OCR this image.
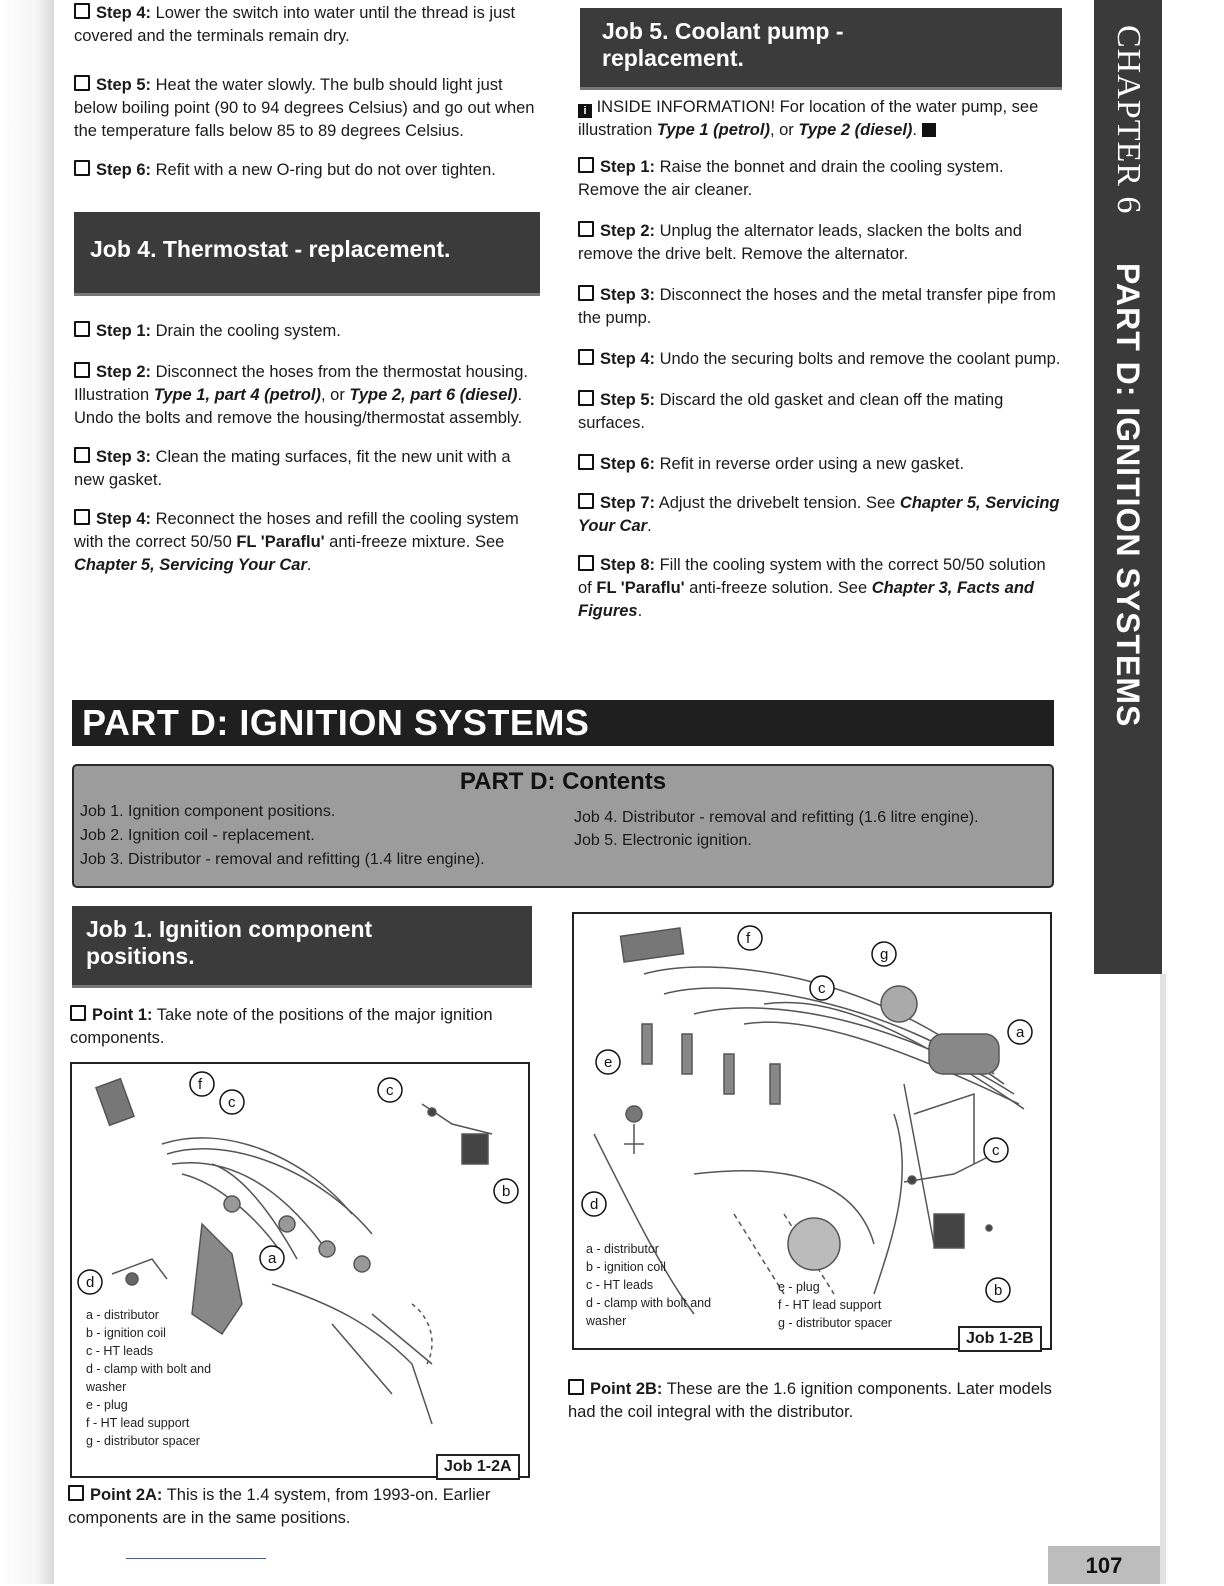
Step 4: Lower the switch into water until the thread is just covered and the terminals remain dry.

Step 5: Heat the water slowly. The bulb should light just below boiling point (90 to 94 degrees Celsius) and go out when the temperature falls below 85 to 89 degrees Celsius.

Step 6: Refit with a new O-ring but do not over tighten.

Job 4. Thermostat - replacement.

Step 1: Drain the cooling system.

Step 2: Disconnect the hoses from the thermostat housing. Illustration Type 1, part 4 (petrol), or Type 2, part 6 (diesel). Undo the bolts and remove the housing/thermostat assembly.

Step 3: Clean the mating surfaces, fit the new unit with a new gasket.

Step 4: Reconnect the hoses and refill the cooling system with the correct 50/50 FL 'Paraflu' anti-freeze mixture. See Chapter 5, Servicing Your Car.

Job 5. Coolant pump -
replacement.

i INSIDE INFORMATION! For location of the water pump, see illustration Type 1 (petrol), or Type 2 (diesel).

Step 1: Raise the bonnet and drain the cooling system. Remove the air cleaner.

Step 2: Unplug the alternator leads, slacken the bolts and remove the drive belt. Remove the alternator.

Step 3: Disconnect the hoses and the metal transfer pipe from the pump.

Step 4: Undo the securing bolts and remove the coolant pump.

Step 5: Discard the old gasket and clean off the mating surfaces.

Step 6: Refit in reverse order using a new gasket.

Step 7: Adjust the drivebelt tension. See Chapter 5, Servicing Your Car.

Step 8: Fill the cooling system with the correct 50/50 solution of FL 'Paraflu' anti-freeze solution. See Chapter 3, Facts and Figures.

PART D: IGNITION SYSTEMS
PART D: Contents
Job 1. Ignition component positions.
Job 2. Ignition coil - replacement.
Job 3. Distributor - removal and refitting (1.4 litre engine).
Job 4. Distributor - removal and refitting (1.6 litre engine).
Job 5. Electronic ignition.
Job 1. Ignition component
positions.

Point 1: Take note of the positions of the major ignition components.

f
c
c
b
a
d
a - distributor
b - ignition coil
c - HT leads
d - clamp with bolt and
washer
e - plug
f - HT lead support
g - distributor spacer
Job 1-2A

Point 2A: This is the 1.4 system, from 1993-on. Earlier components are in the same positions.

f
g
c
a
e
c
d
b
a - distributor
b - ignition coil
c - HT leads
d - clamp with bolt and
washer
e - plug
f - HT lead support
g - distributor spacer
Job 1-2B

Point 2B: These are the 1.6 ignition components. Later models had the coil integral with the distributor.

CHAPTER 6 PART D: IGNITION SYSTEMS
107
